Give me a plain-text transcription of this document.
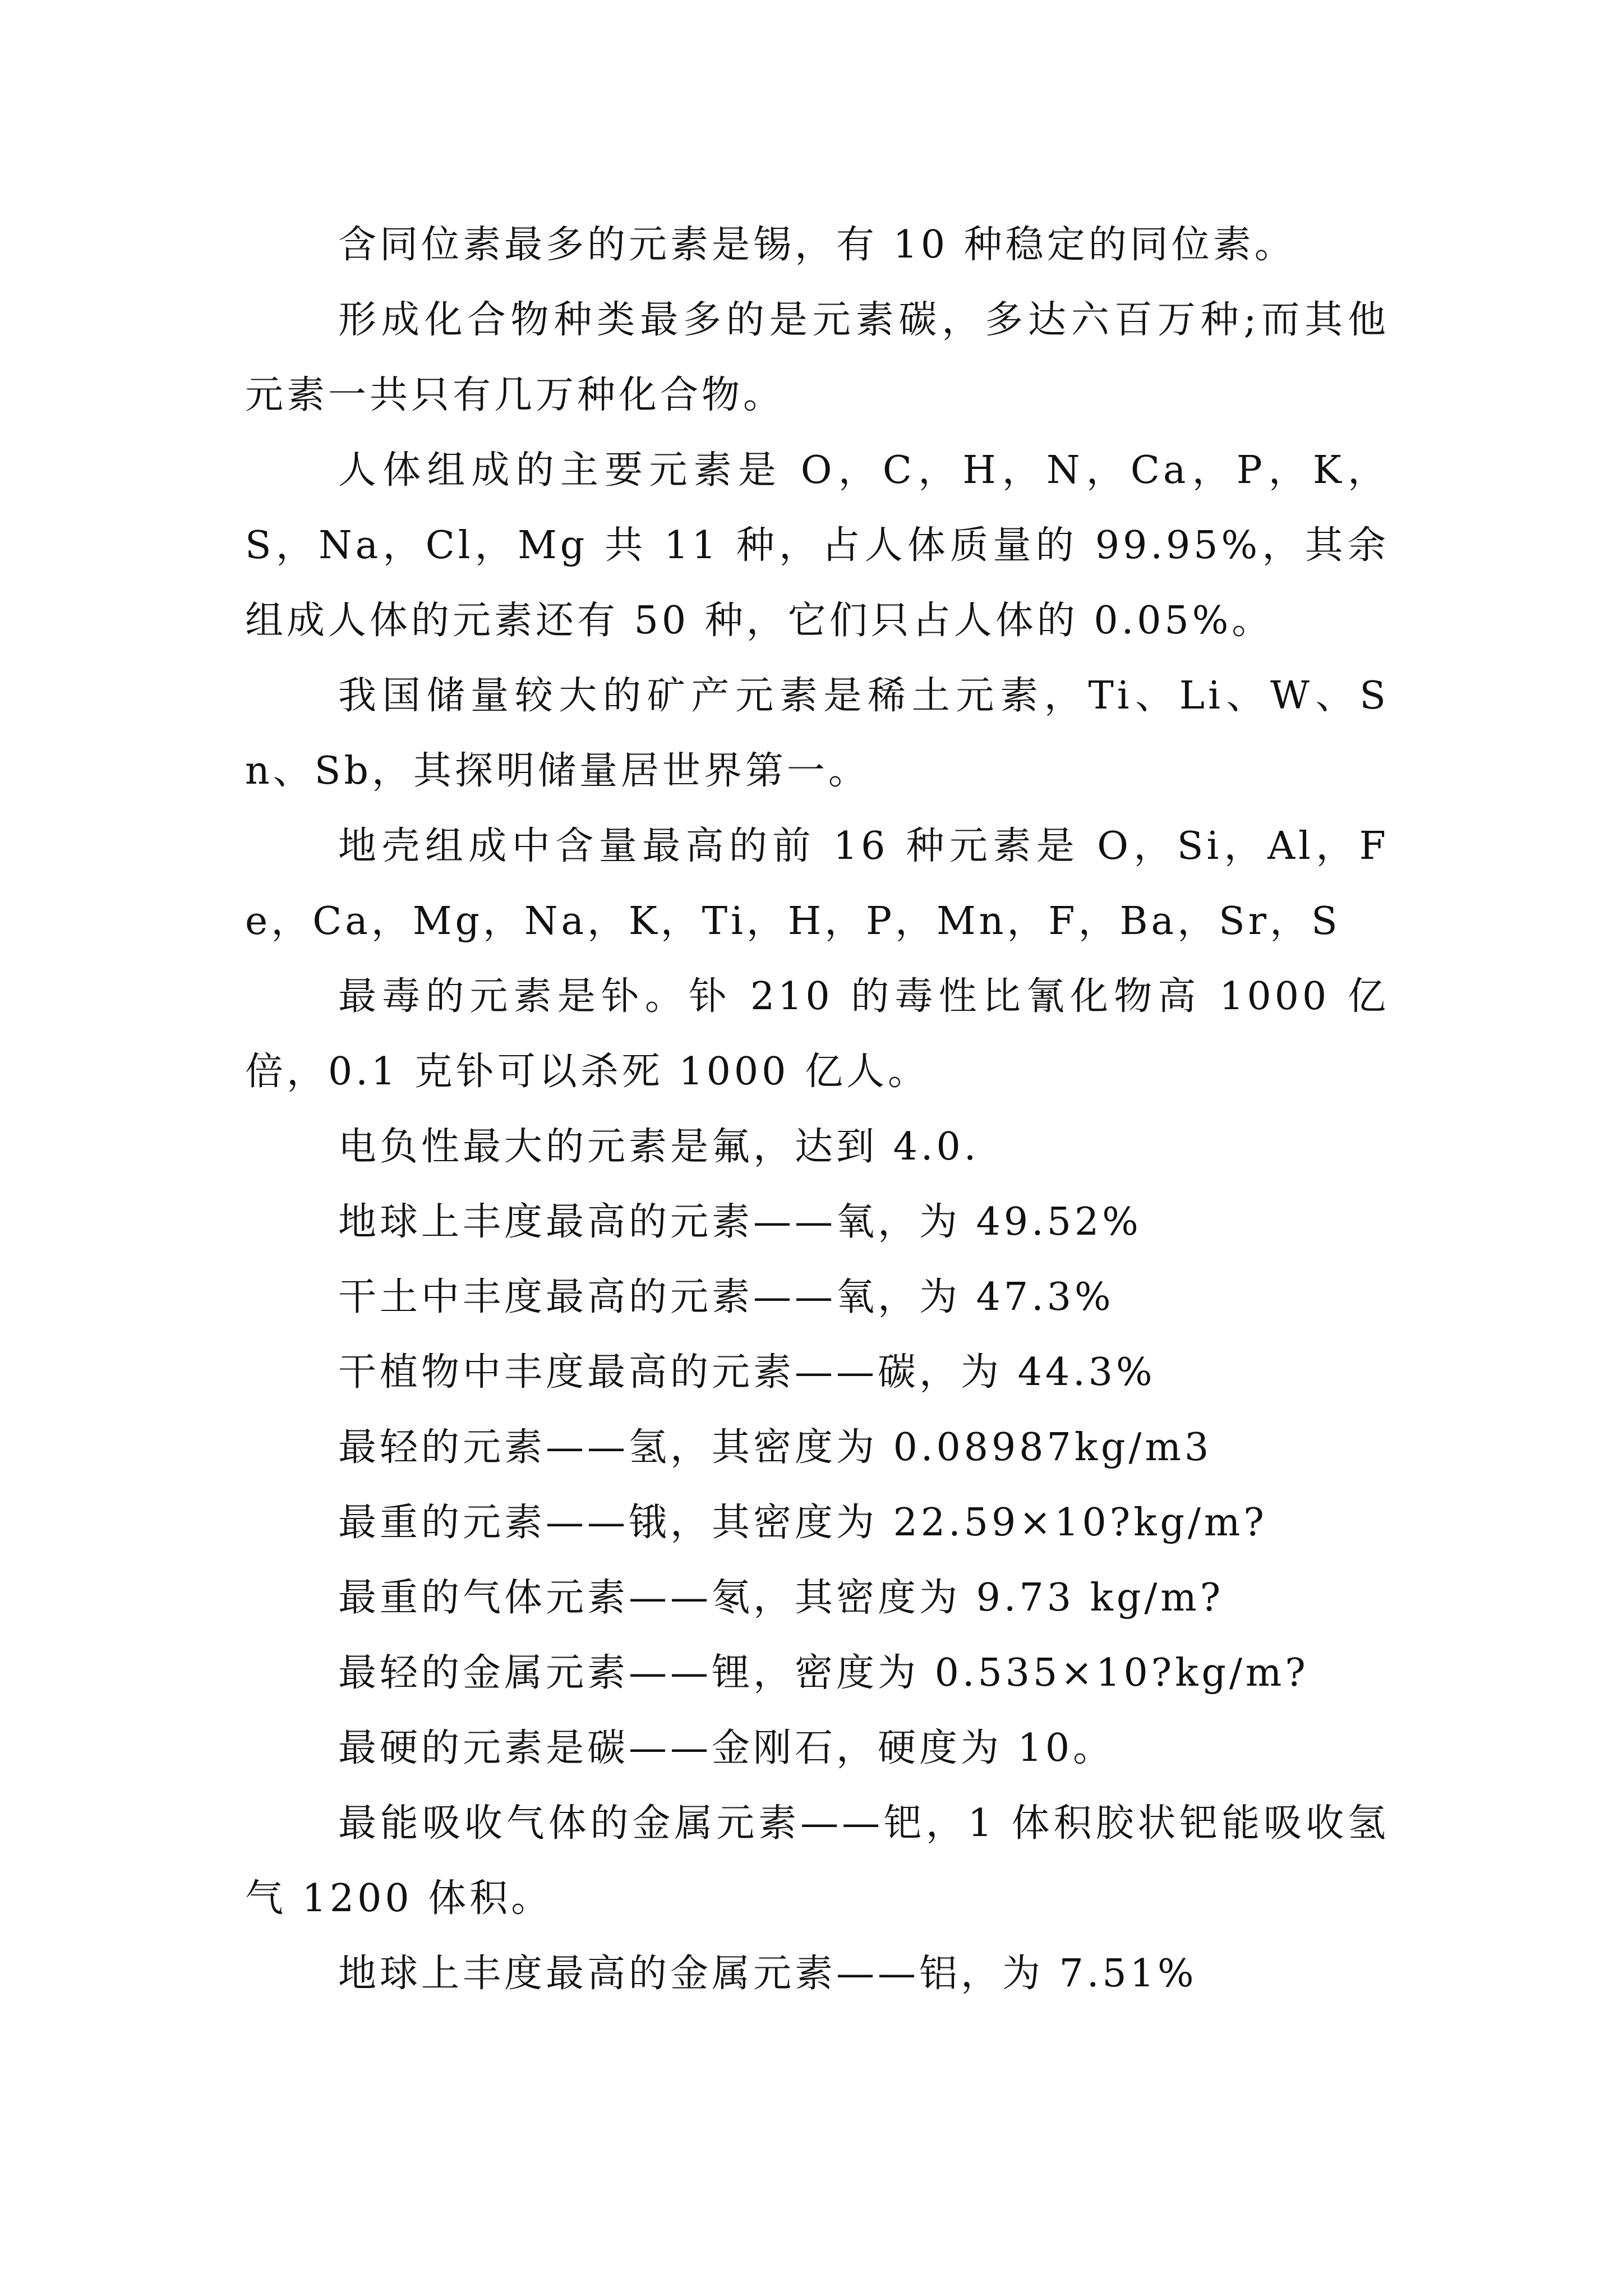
含同位素最多的元素是锡，有 10 种稳定的同位素。

形成化合物种类最多的是元素碳，多达六百万种;而其他元素一共只有几万种化合物。

人体组成的主要元素是 O，C，H，N，Ca，P，K，S，Na，Cl，Mg 共 11 种，占人体质量的 99.95%，其余组成人体的元素还有 50 种，它们只占人体的 0.05%。

我国储量较大的矿产元素是稀土元素，Ti、Li、W、Sn、Sb，其探明储量居世界第一。

地壳组成中含量最高的前 16 种元素是 O，Si，Al，Fe，Ca，Mg，Na，K，Ti，H，P，Mn，F，Ba，Sr，S

最毒的元素是钋。钋 210 的毒性比氰化物高 1000 亿倍，0.1 克钋可以杀死 1000 亿人。

电负性最大的元素是氟，达到 4.0.

地球上丰度最高的元素——氧，为 49.52%

干土中丰度最高的元素——氧，为 47.3%

干植物中丰度最高的元素——碳，为 44.3%

最轻的元素——氢，其密度为 0.08987kg/m3

最重的元素——锇，其密度为 22.59×10?kg/m?

最重的气体元素——氡，其密度为 9.73 kg/m?

最轻的金属元素——锂，密度为 0.535×10?kg/m?

最硬的元素是碳——金刚石，硬度为 10。

最能吸收气体的金属元素——钯，1 体积胶状钯能吸收氢气 1200 体积。

地球上丰度最高的金属元素——铝，为 7.51%
